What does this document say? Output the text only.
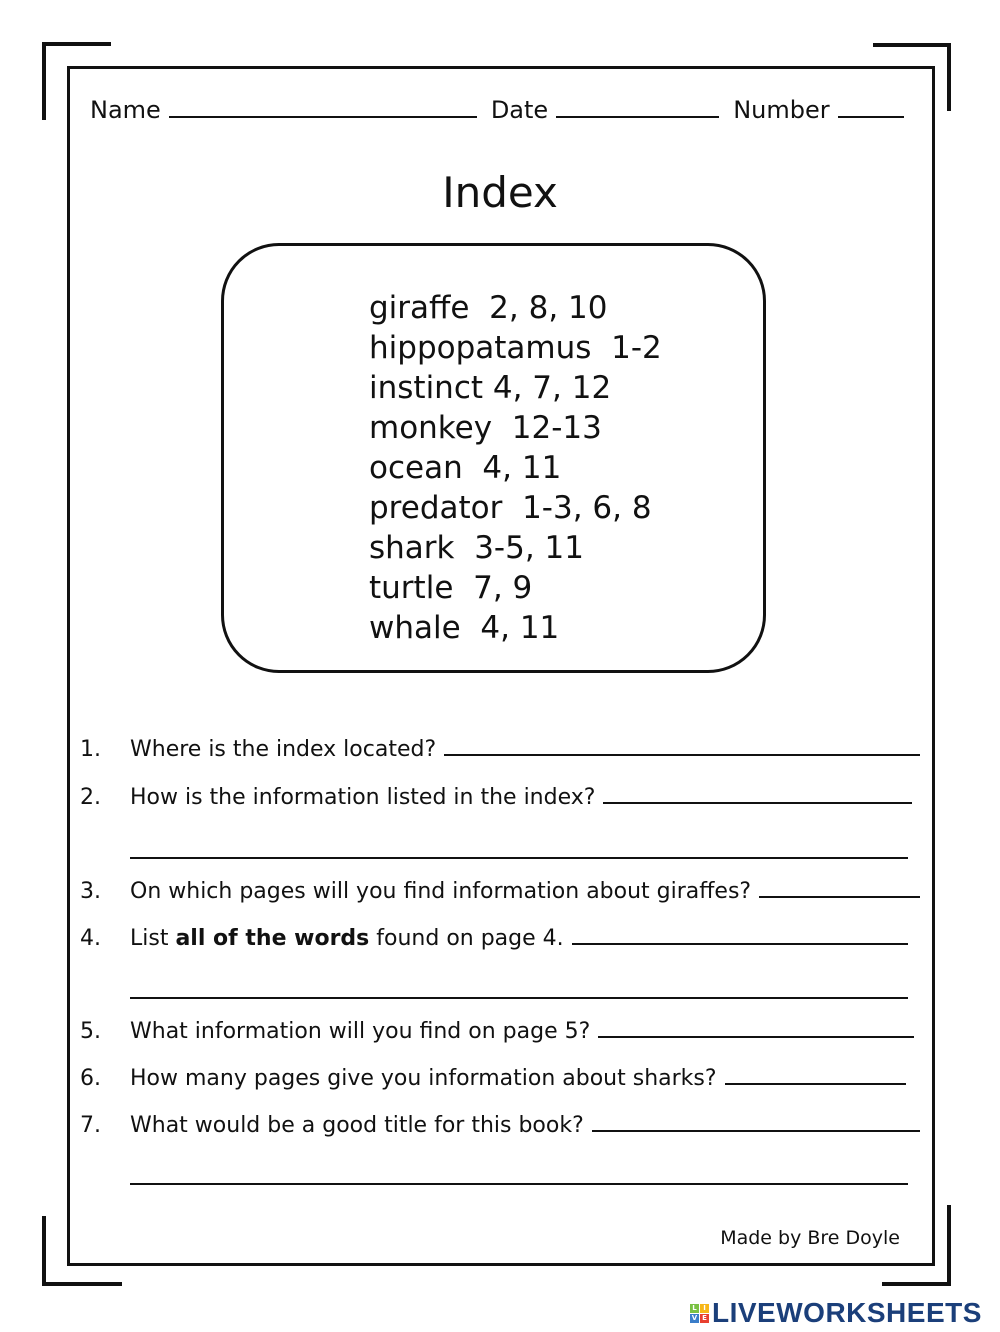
Name	Date	Number
Index
giraffe  2, 8, 10
hippopatamus  1-2
instinct 4, 7, 12
monkey  12-13
ocean  4, 11
predator  1-3, 6, 8
shark  3-5, 11
turtle  7, 9
whale  4, 11
1.	Where is the index located?
2.	How is the information listed in the index?
3.	On which pages will you find information about giraffes?
4.	List all of the words found on page 4.
5.	What information will you find on page 5?
6.	How many pages give you information about sharks?
7.	What would be a good title for this book?
Made by Bre Doyle
L I
V E LIVEWORKSHEETS
